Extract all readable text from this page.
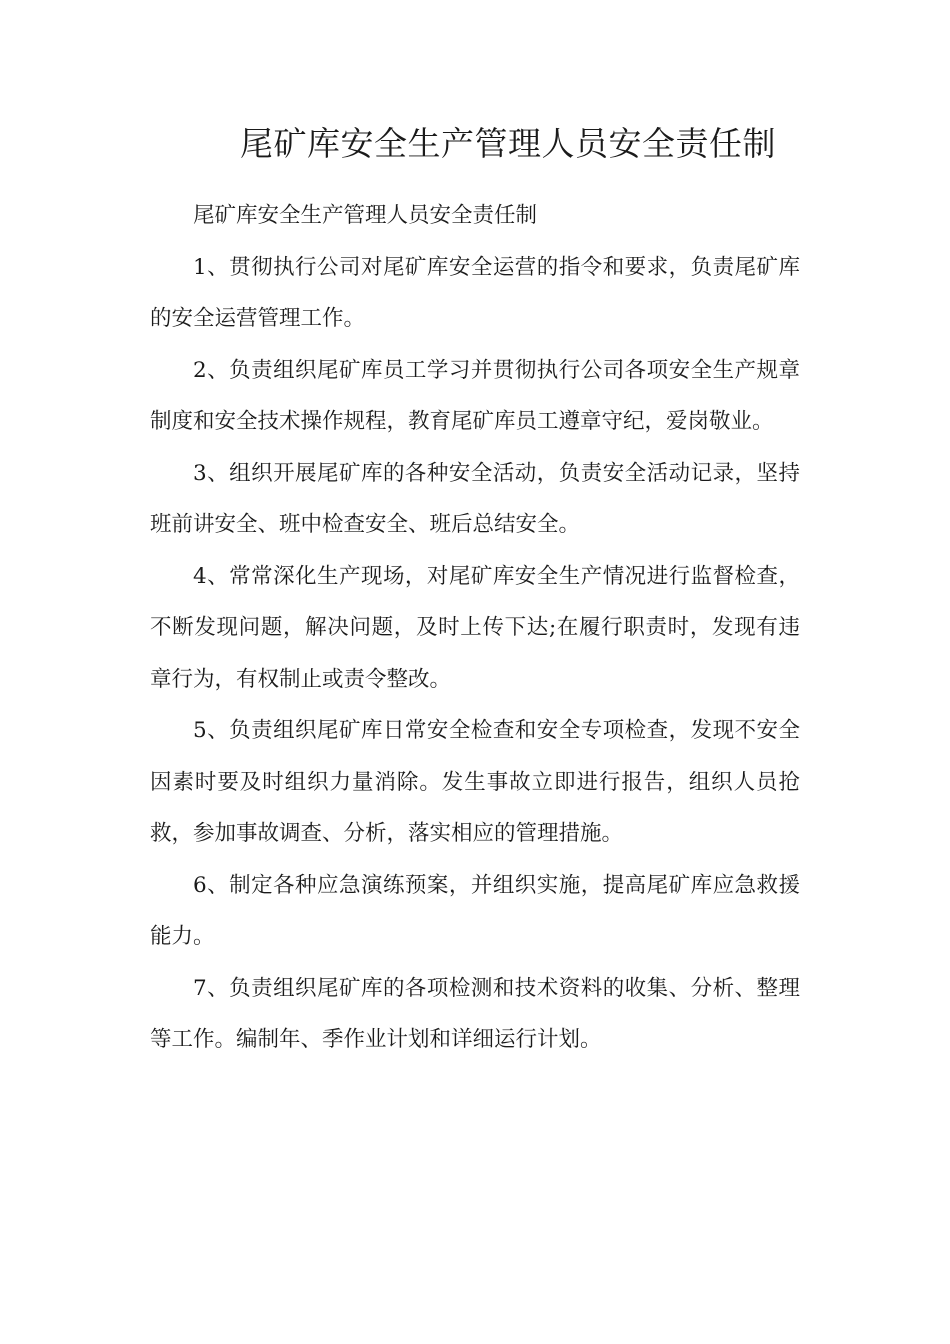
尾矿库安全生产管理人员安全责任制

尾矿库安全生产管理人员安全责任制

1、贯彻执行公司对尾矿库安全运营的指令和要求，负责尾矿库的安全运营管理工作。

2、负责组织尾矿库员工学习并贯彻执行公司各项安全生产规章制度和安全技术操作规程，教育尾矿库员工遵章守纪，爱岗敬业。

3、组织开展尾矿库的各种安全活动，负责安全活动记录，坚持班前讲安全、班中检查安全、班后总结安全。

4、常常深化生产现场，对尾矿库安全生产情况进行监督检查，不断发现问题，解决问题，及时上传下达;在履行职责时，发现有违章行为，有权制止或责令整改。

5、负责组织尾矿库日常安全检查和安全专项检查，发现不安全因素时要及时组织力量消除。发生事故立即进行报告，组织人员抢救，参加事故调查、分析，落实相应的管理措施。

6、制定各种应急演练预案，并组织实施，提高尾矿库应急救援能力。

7、负责组织尾矿库的各项检测和技术资料的收集、分析、整理等工作。编制年、季作业计划和详细运行计划。
